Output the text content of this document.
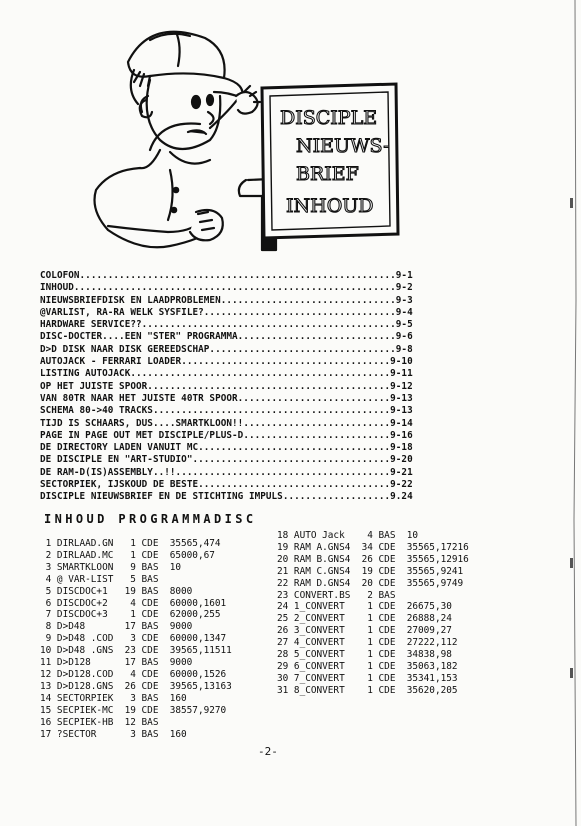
DISCIPLE
NIEUWS-
BRIEF
INHOUD
COLOFON........................................................9-1
INHOUD.........................................................9-2
NIEUWSBRIEFDISK EN LAADPROBLEMEN...............................9-3
@VARLIST, RA-RA WELK SYSFILE?..................................9-4
HARDWARE SERVICE??.............................................9-5
DISC-DOCTER....EEN "STER" PROGRAMMA............................9-6
D>D DISK NAAR DISK GEREEDSCHAP.................................9-8
AUTOJACK - FERRARI LOADER.....................................9-10
LISTING AUTOJACK..............................................9-11
OP HET JUISTE SPOOR...........................................9-12
VAN 80TR NAAR HET JUISTE 40TR SPOOR...........................9-13
SCHEMA 80->40 TRACKS..........................................9-13
TIJD IS SCHAARS, DUS....SMARTKLOON!!..........................9-14
PAGE IN PAGE OUT MET DISCIPLE/PLUS-D..........................9-16
DE DIRECTORY LADEN VANUIT MC..................................9-18
DE DISCIPLE EN "ART-STUDIO"...................................9-20
DE RAM-D(IS)ASSEMBLY..!!......................................9-21
SECTORPIEK, IJSKOUD DE BESTE..................................9-22
DISCIPLE NIEUWSBRIEF EN DE STICHTING IMPULS...................9.24
INHOUD PROGRAMMADISC
1 DIRLAAD.GN 1 CDE 35565,474
2 DIRLAAD.MC 1 CDE 65000,67
3 SMARTKLOON 9 BAS 10
4 @ VAR-LIST 5 BAS
5 DISCDOC+1 19 BAS 8000
6 DISCDOC+2 4 CDE 60000,1601
7 DISCDOC+3 1 CDE 62000,255
8 D>D48	17 BAS 9000
9 D>D48 .COD 3 CDE 60000,1347
10 D>D48 .GNS 23 CDE 39565,11511
11 D>D128	17 BAS 9000
12 D>D128.COD 4 CDE 60000,1526
13 D>D128.GNS 26 CDE 39565,13163
14 SECTORPIEK 3 BAS 160
15 SECPIEK-MC 19 CDE 38557,9270
16 SECPIEK-HB 12 BAS
17 ?SECTOR	3 BAS 160
18 AUTO Jack 4 BAS 10
19 RAM A.GNS4 34 CDE 35565,17216
20 RAM B.GNS4 26 CDE 35565,12916
21 RAM C.GNS4 19 CDE 35565,9241
22 RAM D.GNS4 20 CDE 35565,9749
23 CONVERT.BS 2 BAS
24 1_CONVERT 1 CDE 26675,30
25 2_CONVERT 1 CDE 26888,24
26 3_CONVERT 1 CDE 27009,27
27 4_CONVERT 1 CDE 27222,112
28 5_CONVERT 1 CDE 34838,98
29 6_CONVERT 1 CDE 35063,182
30 7_CONVERT 1 CDE 35341,153
31 8_CONVERT 1 CDE 35620,205
-2-
